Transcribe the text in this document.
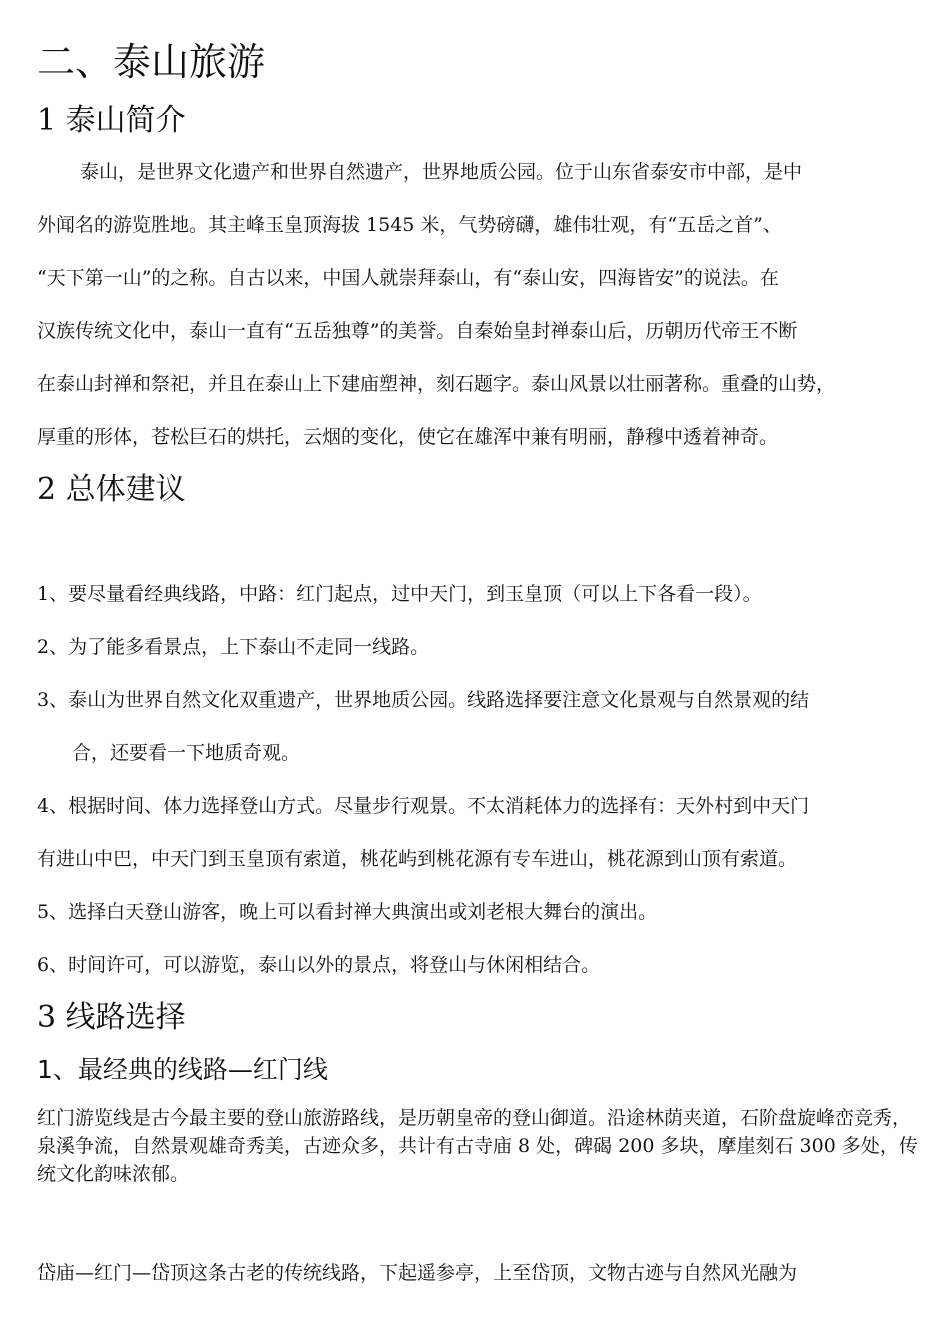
二、泰山旅游
1 泰山简介
泰山，是世界文化遗产和世界自然遗产，世界地质公园。位于山东省泰安市中部，是中
外闻名的游览胜地。其主峰玉皇顶海拔 1545 米，气势磅礴，雄伟壮观，有“五岳之首”、
“天下第一山”的之称。自古以来，中国人就崇拜泰山，有“泰山安，四海皆安”的说法。在
汉族传统文化中，泰山一直有“五岳独尊”的美誉。自秦始皇封禅泰山后，历朝历代帝王不断
在泰山封禅和祭祀，并且在泰山上下建庙塑神，刻石题字。泰山风景以壮丽著称。重叠的山势，
厚重的形体，苍松巨石的烘托，云烟的变化，使它在雄浑中兼有明丽，静穆中透着神奇。
2 总体建议
1、要尽量看经典线路，中路：红门起点，过中天门，到玉皇顶（可以上下各看一段）。
2、为了能多看景点，上下泰山不走同一线路。
3、泰山为世界自然文化双重遗产，世界地质公园。线路选择要注意文化景观与自然景观的结
合，还要看一下地质奇观。
4、根据时间、体力选择登山方式。尽量步行观景。不太消耗体力的选择有：天外村到中天门
有进山中巴，中天门到玉皇顶有索道，桃花屿到桃花源有专车进山，桃花源到山顶有索道。
5、选择白天登山游客，晚上可以看封禅大典演出或刘老根大舞台的演出。
6、时间许可，可以游览，泰山以外的景点，将登山与休闲相结合。
3 线路选择
1、最经典的线路—红门线
红门游览线是古今最主要的登山旅游路线，是历朝皇帝的登山御道。沿途林荫夹道，石阶盘旋峰峦竞秀，泉溪争流，自然景观雄奇秀美，古迹众多，共计有古寺庙 8 处，碑碣 200 多块，摩崖刻石 300 多处，传统文化韵味浓郁。
岱庙—红门—岱顶这条古老的传统线路，下起遥参亭，上至岱顶，文物古迹与自然风光融为
